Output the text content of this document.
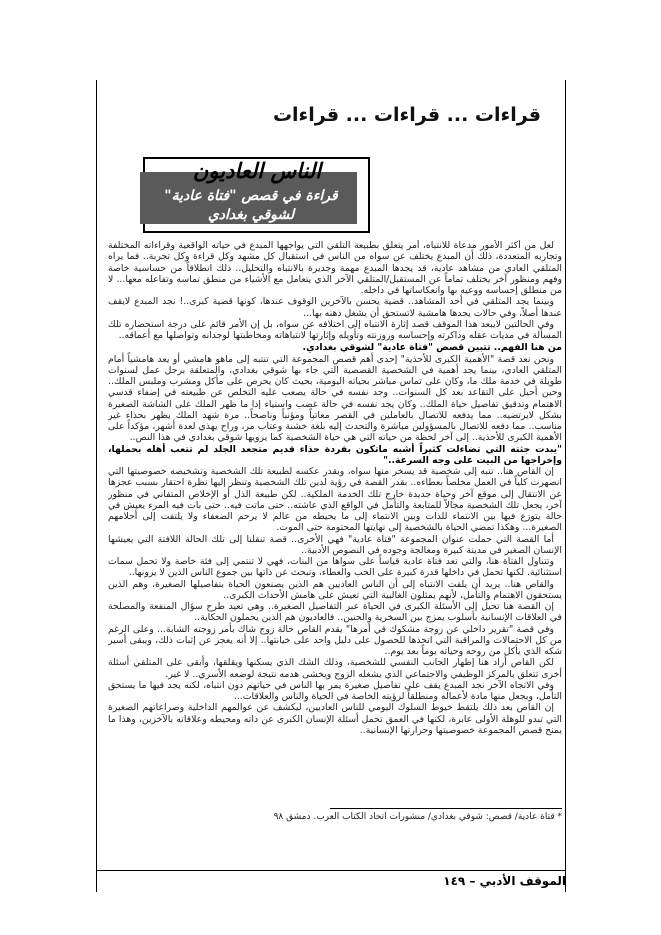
قراءات ... قراءات ... قراءات
الناس العاديون
قراءة في قصص "فتاة عادية" لشوقي بغدادي

لعل من أكثر الأمور مدعاة للانتباه، أمر يتعلق بطبيعة التلقي التي يواجهها المبدع في حياته الواقعية وقراءاته المختلفة وتجاربه المتعددة، ذلك أن المبدع يختلف عن سواه من الناس في استقبال كل مشهد وكل قراءة وكل تجربة.. فما يراه المتلقي العادي من مشاهد عادية، قد يجدها المبدع مهمة وجديرة بالانتباه والتحليل.. ذلك انطلاقاً من حساسية خاصة وفهم ومنظور آخر يختلف تماماً عن المستقبل/المتلقي الآخر الذي يتعامل مع الأشياء من منطق تماسه وتفاعله معها... لا من منطلق إحساسه ووعيه بها وانعكاساتها في داخله.

وبينما يجد المتلقي في أحد المشاهد.. قضية يحسن بالآخرين الوقوف عندها، كونها قضية كبرى..! نجد المبدع لايقف عندها أصلاً، وفي حالات يجدها هامشية لاتستحق أن يشغل ذهنه بها...

وفي الحالتين لايبعد هذا الموقف قصد إثارة الانتباه إلى اختلافه عن سواه، بل إن الأمر قائم على درجة استحضاره تلك المسألة في مديات عقله وذاكرته وإحساسه وروزنته وتأويله وإثارتها لانتباهاته ومخاطبتها لوجدانه وتواصلها مع أعماقه..

من هنا الفهم.. تتبين قصص "فتاة عادية" لشوقي بغدادي.

ونحن نعد قصة "الأهمية الكبرى للأحذية" إحدى أهم قصص المجموعة التي تنتبه إلى ماهو هامشي أو يعد هامشياً أمام المتلقي العادي، بينما يجد أهمية في الشخصية القصصية التي جاء بها شوقي بغدادي، والمتعلقة برجل عمل لسنوات طويلة في خدمة ملك ما، وكان على تماس مباشر بحياته اليومية، بحيث كان يحرص على مأكل ومشرب وملبس الملك.. وحين أحيل على التقاعد بعد كل السنوات.. وجد نفسه في حالة يصعب عليه التخلص عن طبيعته في إضفاء قدسي الاهتمام وتدقيق تفاصيل حياة الملك.. وكان يجد نفسه في حالة غضب واستياء إذا ما ظهر الملك على الشاشة الصغيرة بشكل لايرتضيه.. مما يدفعه للاتصال بالعاملين في القصر معاتباً ومؤنباً وناصحاً.. مرة شهد الملك يظهر بحذاء غير مناسب.. مما دفعه للاتصال بالمسؤولين مباشرة والتحدث إليه بلغة خشنة وعتاب مر، وراح يهذي لعدة أشهر، مؤكداً على الأهمية الكبرى للأحذية.. إلى آخر لحظة من حياته التي هي حياة الشخصية كما يرويها شوقي بغدادي في هذا النص..

"يبدت جثته التي تضاءلت كثيراً أشبه ماتكون بفردة حذاء قديم متجعد الجلد لم تتعب أهله بحملها، وإخراجها من البيت على وجه السرعة.."

إن القاص هنا.. تنبه إلى شخصية قد يسخر منها سواه، وبقدر عكسه لطبيعة تلك الشخصية وتشخيصه خصوصيتها التي انصهرت كلياً في العمل مخلصاً بعطاءه.. بقدر القصة في رؤية لدين تلك الشخصية وتنظر إليها نظرة احتقار بسبب عجزها عن الانتقال إلى موقع آخر وحياة جديدة خارج تلك الخدمة الملكية.. لكن طبيعة الذل أو الإخلاص المتفاني في منظور آخر، يجعل تلك الشخصية مجالاً للمتابعة والتأمل في الواقع الذي عاشته.. حتى ماتت فيه.. حتى بات فيه المرء يعيش في حالة يتوزع فيها بين الانتماء للذات وبين الانتماء إلى ما يحيطه من عالم لا يرحم الضعفاء ولا يلتفت إلى أحلامهم الصغيرة... وهكذا تمضي الحياة بالشخصية إلى نهايتها المحتومة حتى الموت.

أما القصة التي حملت عنوان المجموعة "فتاة عادية" فهي الأخرى.. قصة تنقلنا إلى تلك الحالة اللافتة التي يعيشها الإنسان الصغير في مدينة كبيرة ومعالجة وجوده في النصوص الأدبية..

وتتناول الفتاة هنا، والتي تعد فتاة عادية قياساً على سواها من البنات، فهي لا تنتمي إلى فئة خاصة ولا تحمل سمات استثنائية. لكنها تحمل في داخلها قدرة كبيرة على الحب والعطاء، وتبحث عن ذاتها بين جموع الناس الذين لا يرونها..

والقاص هنا.. يريد أن يلفت الانتباه إلى أن الناس العاديين هم الذين يصنعون الحياة بتفاصيلها الصغيرة، وهم الذين يستحقون الاهتمام والتأمل، لأنهم يمثلون الغالبية التي تعيش على هامش الأحداث الكبرى..

إن القصة هنا تحيل إلى الأسئلة الكبرى في الحياة عبر التفاصيل الصغيرة.. وهي تعيد طرح سؤال المنفعة والمصلحة في العلاقات الإنسانية بأسلوب يمزج بين السخرية والحنين.. فالعاديون هم الذين يحملون الحكاية..

وفي قصة "تقرير داخلي عن زوجة مشكوك في أمرها" يقدم القاص حالة زوج شاك بأمر زوجته الشابة... وعلى الرغم من كل الاحتمالات والمراقبة التي اتخذها للحصول على دليل واحد على خيانتها.. إلا أنه يعجز عن إثبات ذلك، ويبقى أسير شكه الذي يأكل من روحه وحياته يوماً بعد يوم..

لكن القاص أراد هنا إظهار الجانب النفسي للشخصية، وذلك الشك الذي يسكنها ويقلقها، وأبقى على المتلقي أسئلة أخرى تتعلق بالمركز الوظيفي والاجتماعي الذي يشغله الزوج ويخشى هدمه نتيجة لوضعه الأسري.. لا غير.

وفي الاتجاه الآخر نجد المبدع يقف على تفاصيل صغيرة يمر بها الناس في حياتهم دون انتباه، لكنه يجد فيها ما يستحق التأمل، ويجعل منها مادة لأعماله ومنطلقاً لرؤيته الخاصة في الحياة والناس والعلاقات...

إن القاص بعد ذلك يلتقط خيوط السلوك اليومي للناس العاديين، ليكشف عن عوالمهم الداخلية وصراعاتهم الصغيرة التي تبدو للوهلة الأولى عابرة، لكنها في العمق تحمل أسئلة الإنسان الكبرى عن ذاته ومحيطه وعلاقاته بالآخرين، وهذا ما يمنح قصص المجموعة خصوصيتها وحرارتها الإنسانية..

* قتاة عادية/ قصص: شوقي بغدادي/ منشورات اتحاد الكتاب العرب. دمشق ٩٨
الموقف الأدبي – ١٤٩
